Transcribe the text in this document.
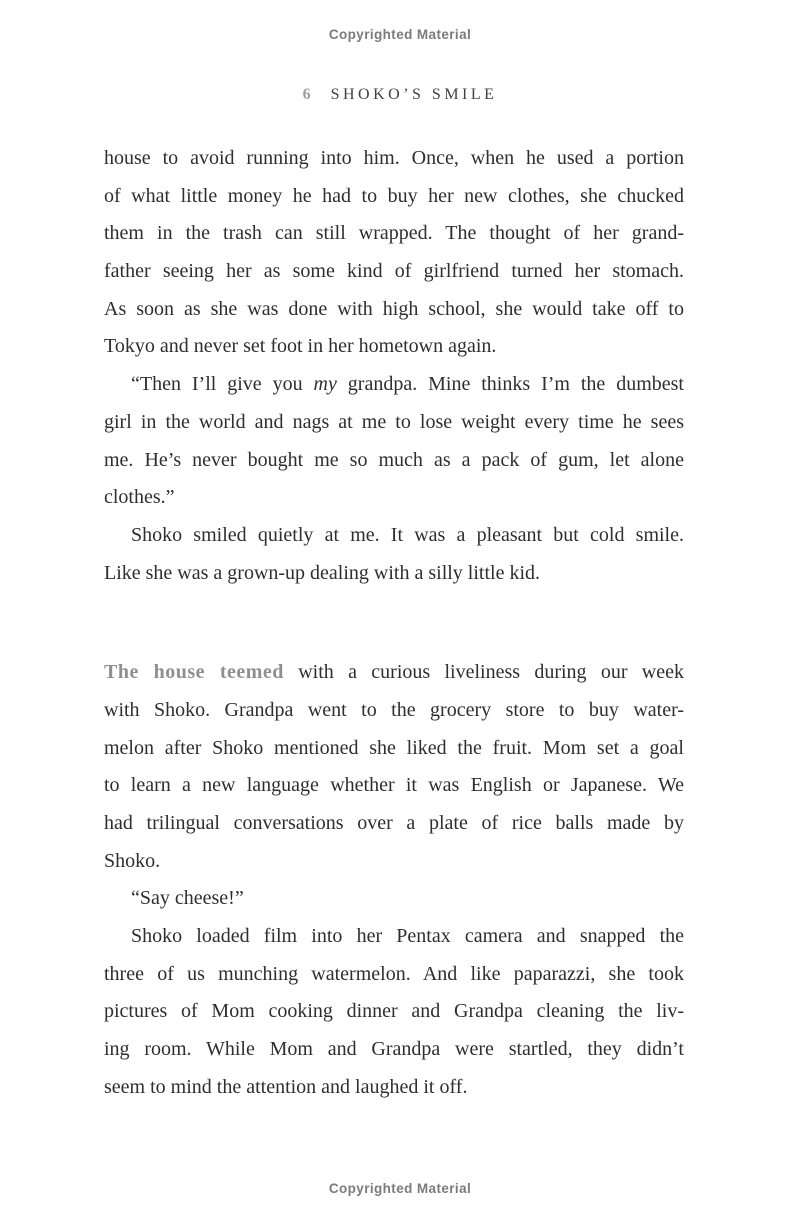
Copyrighted Material
6 SHOKO’S SMILE
house to avoid running into him. Once, when he used a portion
of what little money he had to buy her new clothes, she chucked
them in the trash can still wrapped. The thought of her grand-
father seeing her as some kind of girlfriend turned her stomach.
As soon as she was done with high school, she would take off to
Tokyo and never set foot in her hometown again.
“Then I’ll give you my grandpa. Mine thinks I’m the dumbest
girl in the world and nags at me to lose weight every time he sees
me. He’s never bought me so much as a pack of gum, let alone
clothes.”
Shoko smiled quietly at me. It was a pleasant but cold smile.
Like she was a grown-up dealing with a silly little kid.
The house teemed with a curious liveliness during our week
with Shoko. Grandpa went to the grocery store to buy water-
melon after Shoko mentioned she liked the fruit. Mom set a goal
to learn a new language whether it was English or Japanese. We
had trilingual conversations over a plate of rice balls made by
Shoko.
“Say cheese!”
Shoko loaded film into her Pentax camera and snapped the
three of us munching watermelon. And like paparazzi, she took
pictures of Mom cooking dinner and Grandpa cleaning the liv-
ing room. While Mom and Grandpa were startled, they didn’t
seem to mind the attention and laughed it off.
Copyrighted Material
